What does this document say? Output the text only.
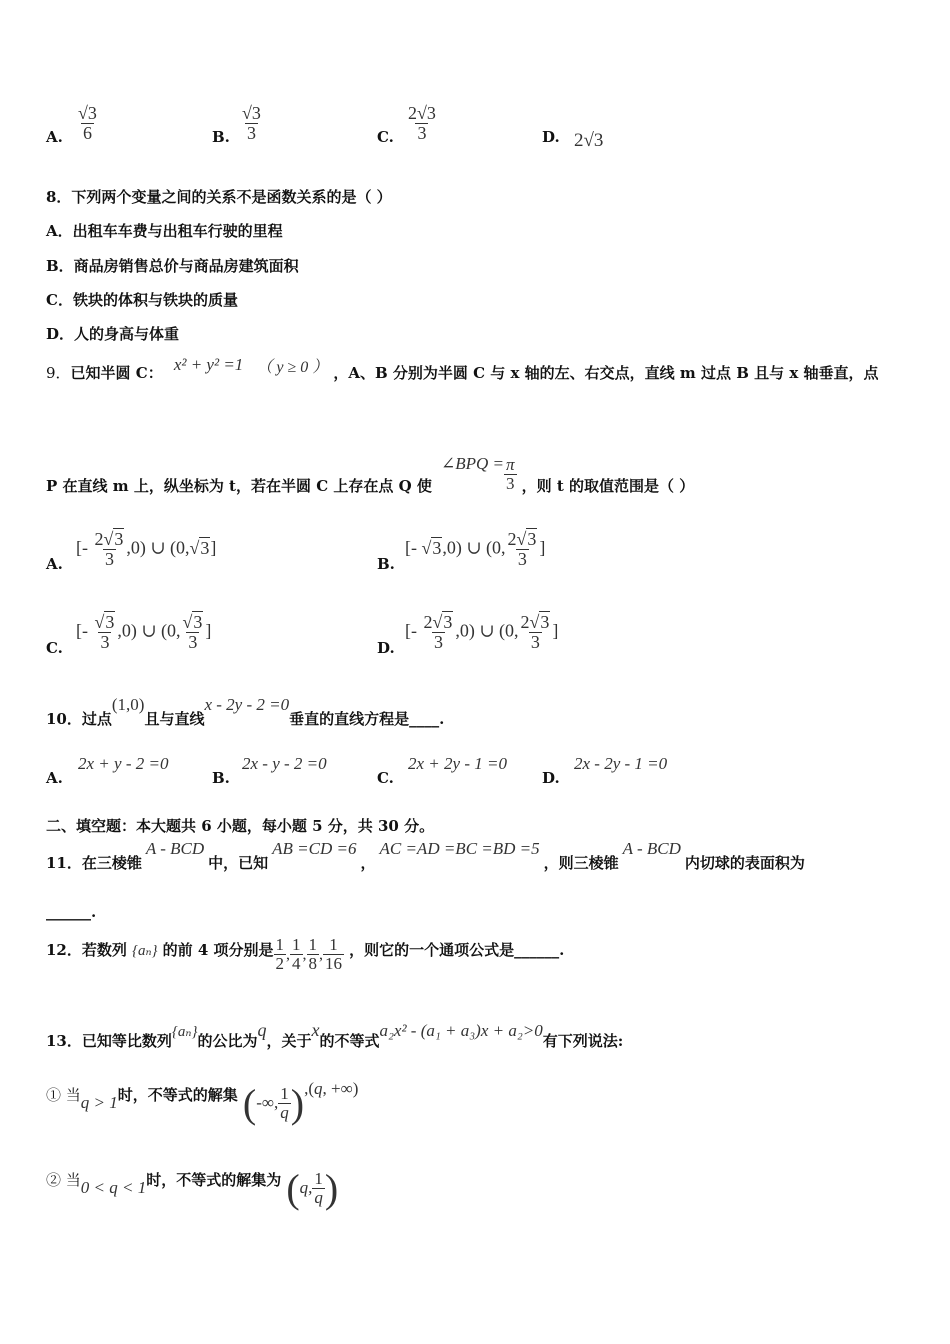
A. $\frac{√3}{6}$	B. $\frac{√3}{3}$	C. $\frac{2√3}{3}$	D. 2√3
8．下列两个变量之间的关系不是函数关系的是（ ）
A．出租车车费与出租车行驶的里程
B．商品房销售总价与商品房建筑面积
C．铁块的体积与铁块的质量
D．人的身高与体重
9．已知半圆 C： x² + y² =1 （ y ≥ 0 ） ，A、B 分别为半圆 C 与 x 轴的左、右交点，直线 m 过点 B 且与 x 轴垂直，点
P 在直线 m 上，纵坐标为 t，若在半圆 C 上存在点 Q 使 ∠BPQ = $\frac{\pi}{3}$ ，则 t 的取值范围是（ ）
A.
[- $\frac{2√3}{3} ,0$) ∪ (0,√3]
B.
[- √3,0) ∪ (0, $\frac{2√3}{3}$ ]
C.
[- $\frac{√3}{3} ,0$) ∪ (0, $\frac{√3}{3}$ ]
D.
[- $\frac{2√3}{3} ,0$) ∪ (0, $\frac{2√3}{3}$ ]
10．过点(1,0)且与直线x - 2y - 2 =0垂直的直线方程是____.
A.
2x + y - 2 =0
B.
2x - y - 2 =0
C.
2x + 2y - 1 =0
D.
2x - 2y - 1 =0
二、填空题：本大题共 6 小题，每小题 5 分，共 30 分。
11．在三棱锥A - BCD中，已知AB =CD =6，AC =AD =BC =BD =5，则三棱锥A - BCD内切球的表面积为
______.
12．若数列 {aₙ} 的前 4 项分别是 $\frac{1}{2}$ , $\frac{1}{4}$ , $\frac{1}{8}$ , $\frac{1}{16}$ ，则它的一个通项公式是______.
13．已知等比数列{aₙ}的公比为q，关于x的不等式a₂x² - (a₁ + a₃)x + a₂>0有下列说法:
① 当q > 1时，不等式的解集 (-∞, $\frac{1}{q} ),(q$, +∞)
② 当0 < q < 1时，不等式的解集为 (q, $\frac{1}{q}$ )
